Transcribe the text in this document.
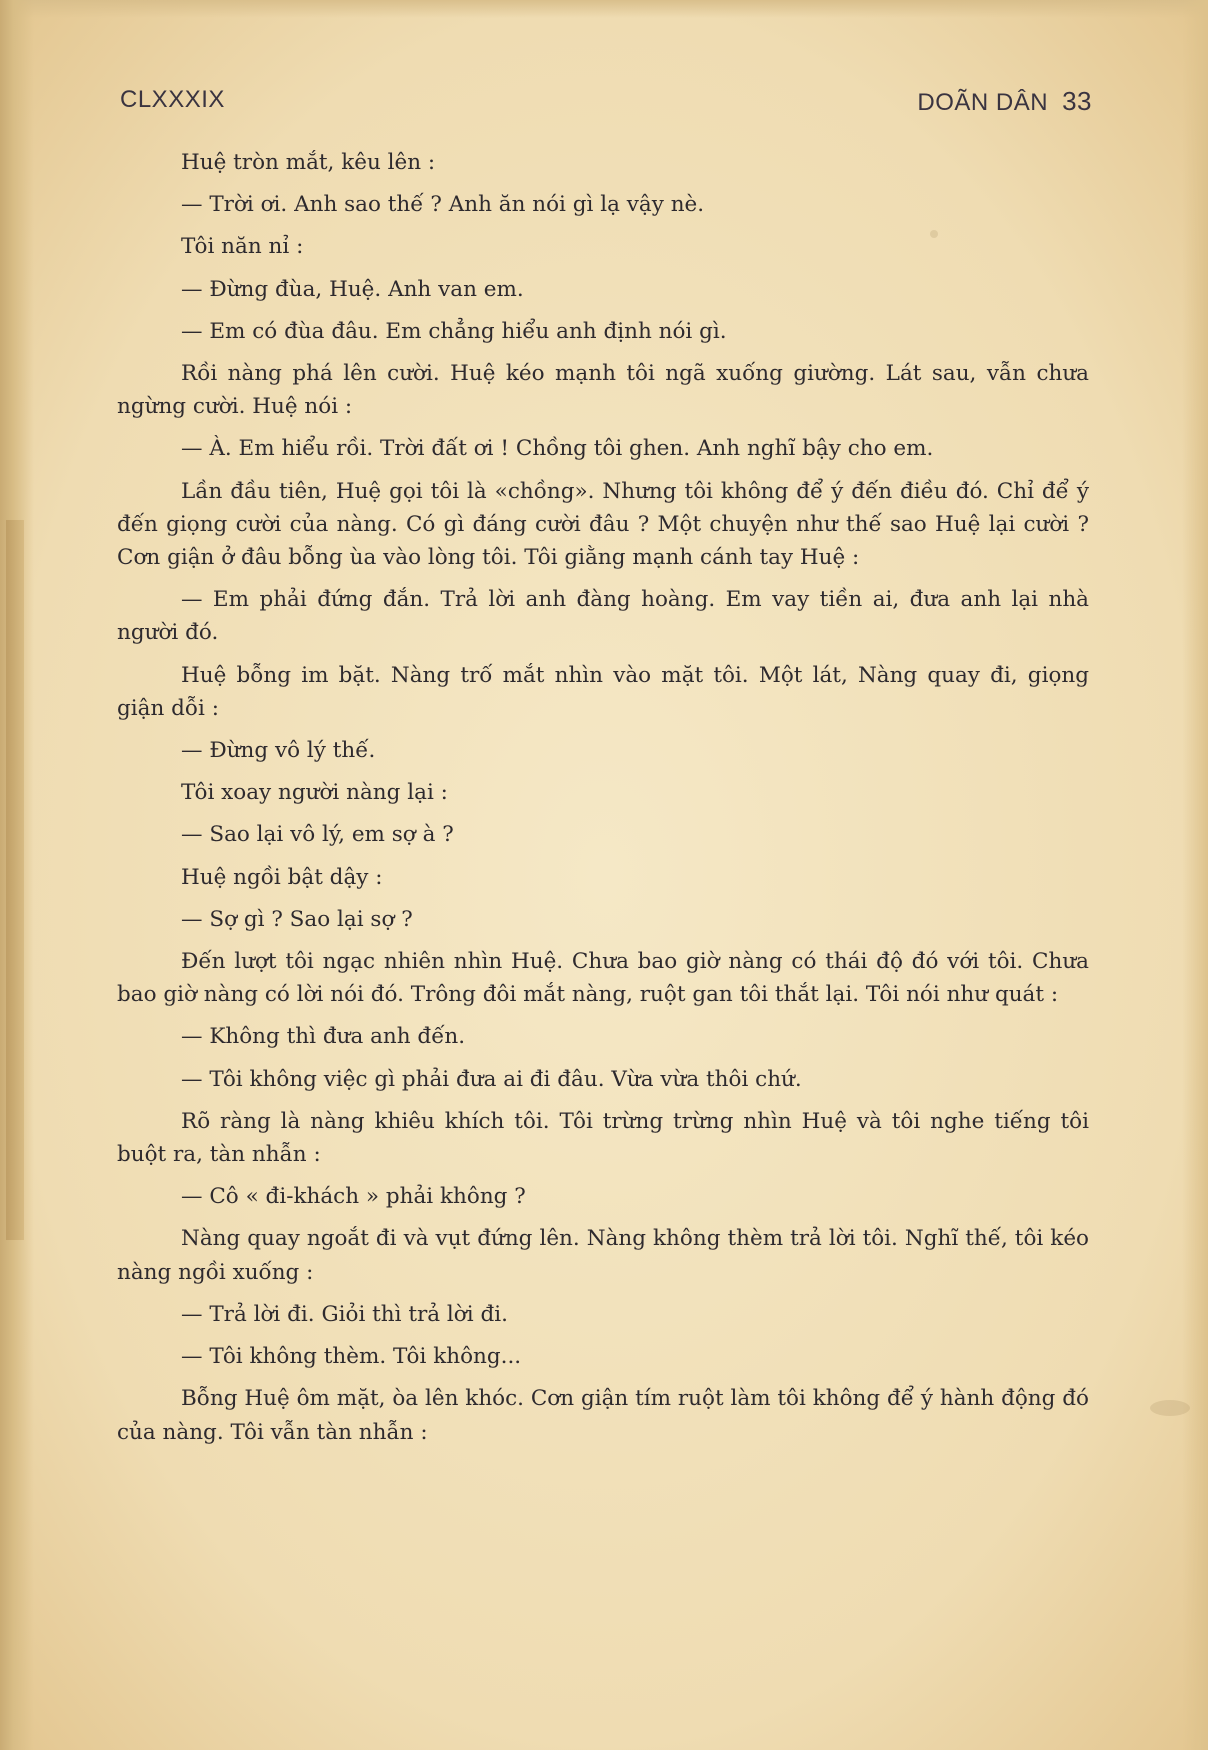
CLXXXIX	DOÃN DÂN 33

Huệ tròn mắt, kêu lên :

— Trời ơi. Anh sao thế ? Anh ăn nói gì lạ vậy nè.

Tôi năn nỉ :

— Đừng đùa, Huệ. Anh van em.

— Em có đùa đâu. Em chẳng hiểu anh định nói gì.

Rồi nàng phá lên cười. Huệ kéo mạnh tôi ngã xuống giường. Lát sau, vẫn chưa ngừng cười. Huệ nói :

— À. Em hiểu rồi. Trời đất ơi ! Chồng tôi ghen. Anh nghĩ bậy cho em.

Lần đầu tiên, Huệ gọi tôi là «chồng». Nhưng tôi không để ý đến điều đó. Chỉ để ý đến giọng cười của nàng. Có gì đáng cười đâu ? Một chuyện như thế sao Huệ lại cười ? Cơn giận ở đâu bỗng ùa vào lòng tôi. Tôi giằng mạnh cánh tay Huệ :

— Em phải đứng đắn. Trả lời anh đàng hoàng. Em vay tiền ai, đưa anh lại nhà người đó.

Huệ bỗng im bặt. Nàng trố mắt nhìn vào mặt tôi. Một lát, Nàng quay đi, giọng giận dỗi :

— Đừng vô lý thế.

Tôi xoay người nàng lại :

— Sao lại vô lý, em sợ à ?

Huệ ngồi bật dậy :

— Sợ gì ? Sao lại sợ ?

Đến lượt tôi ngạc nhiên nhìn Huệ. Chưa bao giờ nàng có thái độ đó với tôi. Chưa bao giờ nàng có lời nói đó. Trông đôi mắt nàng, ruột gan tôi thắt lại. Tôi nói như quát :

— Không thì đưa anh đến.

— Tôi không việc gì phải đưa ai đi đâu. Vừa vừa thôi chứ.

Rõ ràng là nàng khiêu khích tôi. Tôi trừng trừng nhìn Huệ và tôi nghe tiếng tôi buột ra, tàn nhẫn :

— Cô « đi-khách » phải không ?

Nàng quay ngoắt đi và vụt đứng lên. Nàng không thèm trả lời tôi. Nghĩ thế, tôi kéo nàng ngồi xuống :

— Trả lời đi. Giỏi thì trả lời đi.

— Tôi không thèm. Tôi không...

Bỗng Huệ ôm mặt, òa lên khóc. Cơn giận tím ruột làm tôi không để ý hành động đó của nàng. Tôi vẫn tàn nhẫn :
